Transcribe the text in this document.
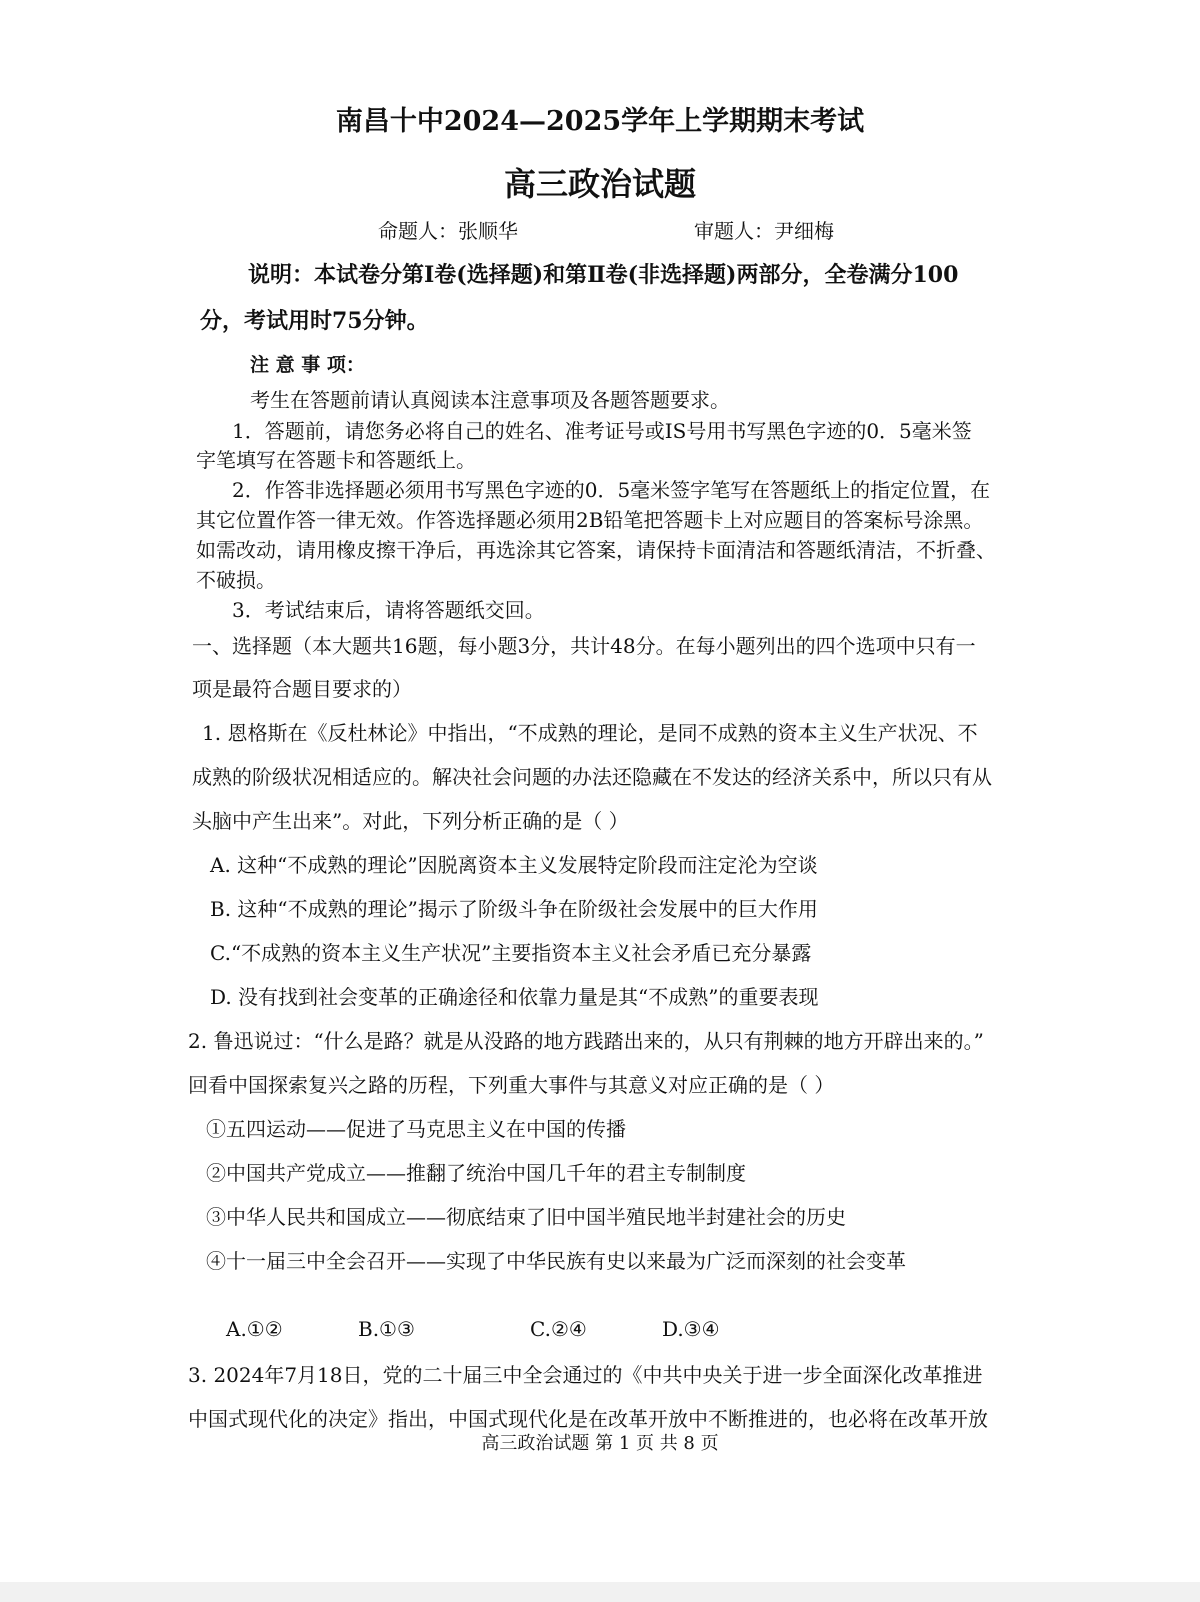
南昌十中2024—2025学年上学期期末考试
高三政治试题
命题人：张顺华	审题人：尹细梅
说明：本试卷分第Ⅰ卷(选择题)和第Ⅱ卷(非选择题)两部分，全卷满分100
分，考试用时75分钟。
注 意 事 项：
考生在答题前请认真阅读本注意事项及各题答题要求。
1．答题前，请您务必将自己的姓名、准考证号或IS号用书写黑色字迹的0．5毫米签
字笔填写在答题卡和答题纸上。
2．作答非选择题必须用书写黑色字迹的0．5毫米签字笔写在答题纸上的指定位置，在
其它位置作答一律无效。作答选择题必须用2B铅笔把答题卡上对应题目的答案标号涂黑。
如需改动，请用橡皮擦干净后，再选涂其它答案，请保持卡面清洁和答题纸清洁，不折叠、
不破损。
3．考试结束后，请将答题纸交回。
一、选择题（本大题共16题，每小题3分，共计48分。在每小题列出的四个选项中只有一
项是最符合题目要求的）
1. 恩格斯在《反杜林论》中指出，“不成熟的理论，是同不成熟的资本主义生产状况、不
成熟的阶级状况相适应的。解决社会问题的办法还隐藏在不发达的经济关系中，所以只有从
头脑中产生出来”。对此，下列分析正确的是（ ）
A. 这种“不成熟的理论”因脱离资本主义发展特定阶段而注定沦为空谈
B. 这种“不成熟的理论”揭示了阶级斗争在阶级社会发展中的巨大作用
C.“不成熟的资本主义生产状况”主要指资本主义社会矛盾已充分暴露
D. 没有找到社会变革的正确途径和依靠力量是其“不成熟”的重要表现
2. 鲁迅说过：“什么是路？就是从没路的地方践踏出来的，从只有荆棘的地方开辟出来的。”
回看中国探索复兴之路的历程，下列重大事件与其意义对应正确的是（ ）
①五四运动——促进了马克思主义在中国的传播
②中国共产党成立——推翻了统治中国几千年的君主专制制度
③中华人民共和国成立——彻底结束了旧中国半殖民地半封建社会的历史
④十一届三中全会召开——实现了中华民族有史以来最为广泛而深刻的社会变革
A.①②	B.①③	C.②④	D.③④
3. 2024年7月18日，党的二十届三中全会通过的《中共中央关于进一步全面深化改革推进
中国式现代化的决定》指出，中国式现代化是在改革开放中不断推进的，也必将在改革开放
高三政治试题 第 1 页 共 8 页
